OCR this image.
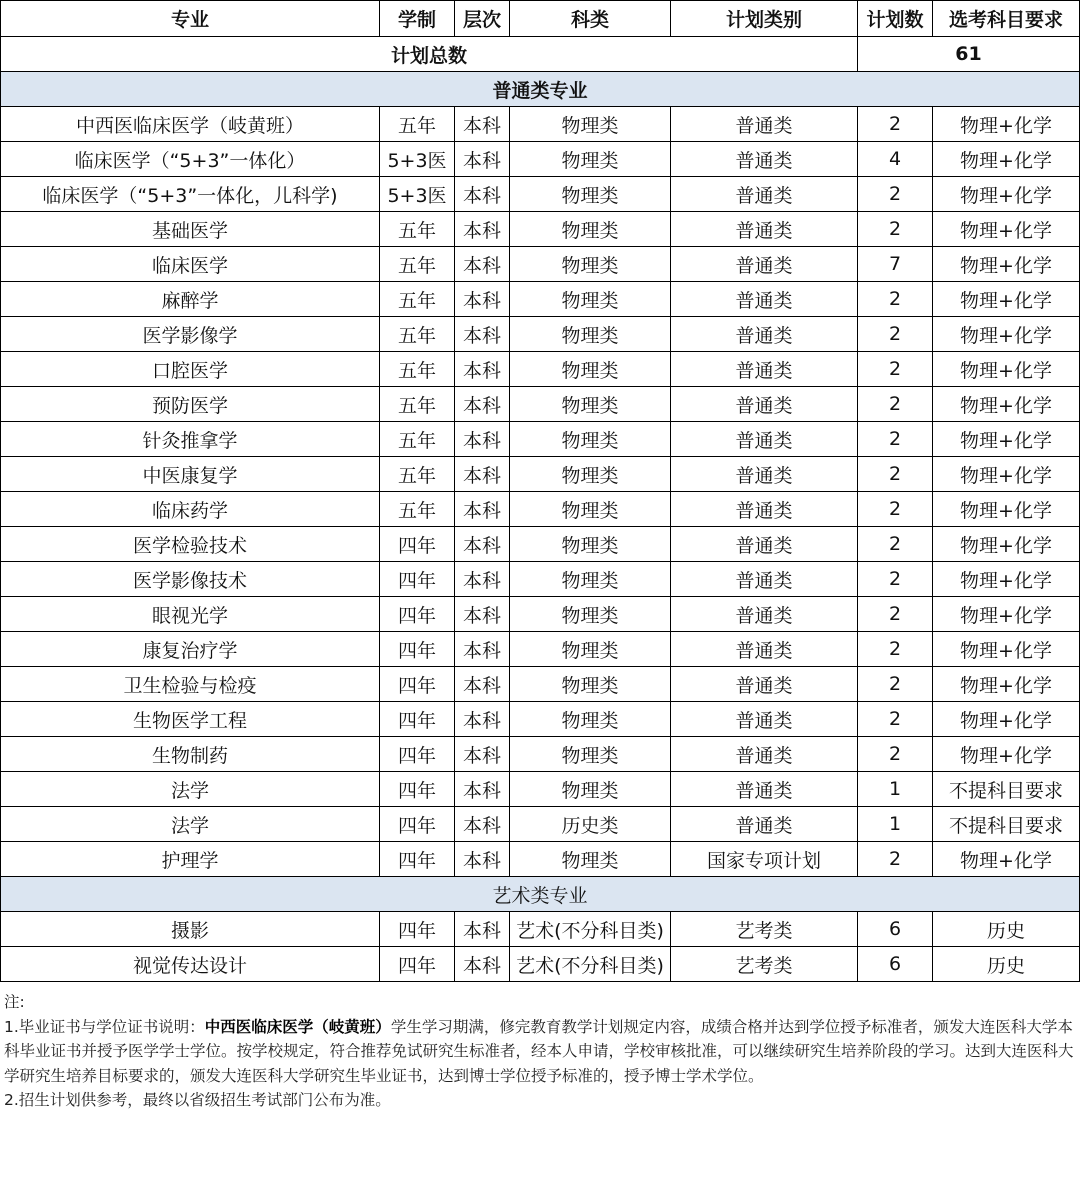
专业	学制	层次	科类	计划类别	计划数	选考科目要求
计划总数					61	
普通类专业						
中西医临床医学（岐黄班）	五年	本科	物理类	普通类	2	物理+化学
临床医学（“5+3”一体化）	5+3医	本科	物理类	普通类	4	物理+化学
临床医学（“5+3”一体化，儿科学)	5+3医	本科	物理类	普通类	2	物理+化学
基础医学	五年	本科	物理类	普通类	2	物理+化学
临床医学	五年	本科	物理类	普通类	7	物理+化学
麻醉学	五年	本科	物理类	普通类	2	物理+化学
医学影像学	五年	本科	物理类	普通类	2	物理+化学
口腔医学	五年	本科	物理类	普通类	2	物理+化学
预防医学	五年	本科	物理类	普通类	2	物理+化学
针灸推拿学	五年	本科	物理类	普通类	2	物理+化学
中医康复学	五年	本科	物理类	普通类	2	物理+化学
临床药学	五年	本科	物理类	普通类	2	物理+化学
医学检验技术	四年	本科	物理类	普通类	2	物理+化学
医学影像技术	四年	本科	物理类	普通类	2	物理+化学
眼视光学	四年	本科	物理类	普通类	2	物理+化学
康复治疗学	四年	本科	物理类	普通类	2	物理+化学
卫生检验与检疫	四年	本科	物理类	普通类	2	物理+化学
生物医学工程	四年	本科	物理类	普通类	2	物理+化学
生物制药	四年	本科	物理类	普通类	2	物理+化学
法学	四年	本科	物理类	普通类	1	不提科目要求
法学	四年	本科	历史类	普通类	1	不提科目要求
护理学	四年	本科	物理类	国家专项计划	2	物理+化学
艺术类专业						
摄影	四年	本科	艺术(不分科目类)	艺考类	6	历史
视觉传达设计	四年	本科	艺术(不分科目类)	艺考类	6	历史

注:

1.毕业证书与学位证书说明：中西医临床医学（岐黄班）学生学习期满，修完教育教学计划规定内容，成绩合格并达到学位授予标准者，颁发大连医科大学本科毕业证书并授予医学学士学位。按学校规定，符合推荐免试研究生标准者，经本人申请，学校审核批准，可以继续研究生培养阶段的学习。达到大连医科大学研究生培养目标要求的，颁发大连医科大学研究生毕业证书，达到博士学位授予标准的，授予博士学术学位。

2.招生计划供参考，最终以省级招生考试部门公布为准。
